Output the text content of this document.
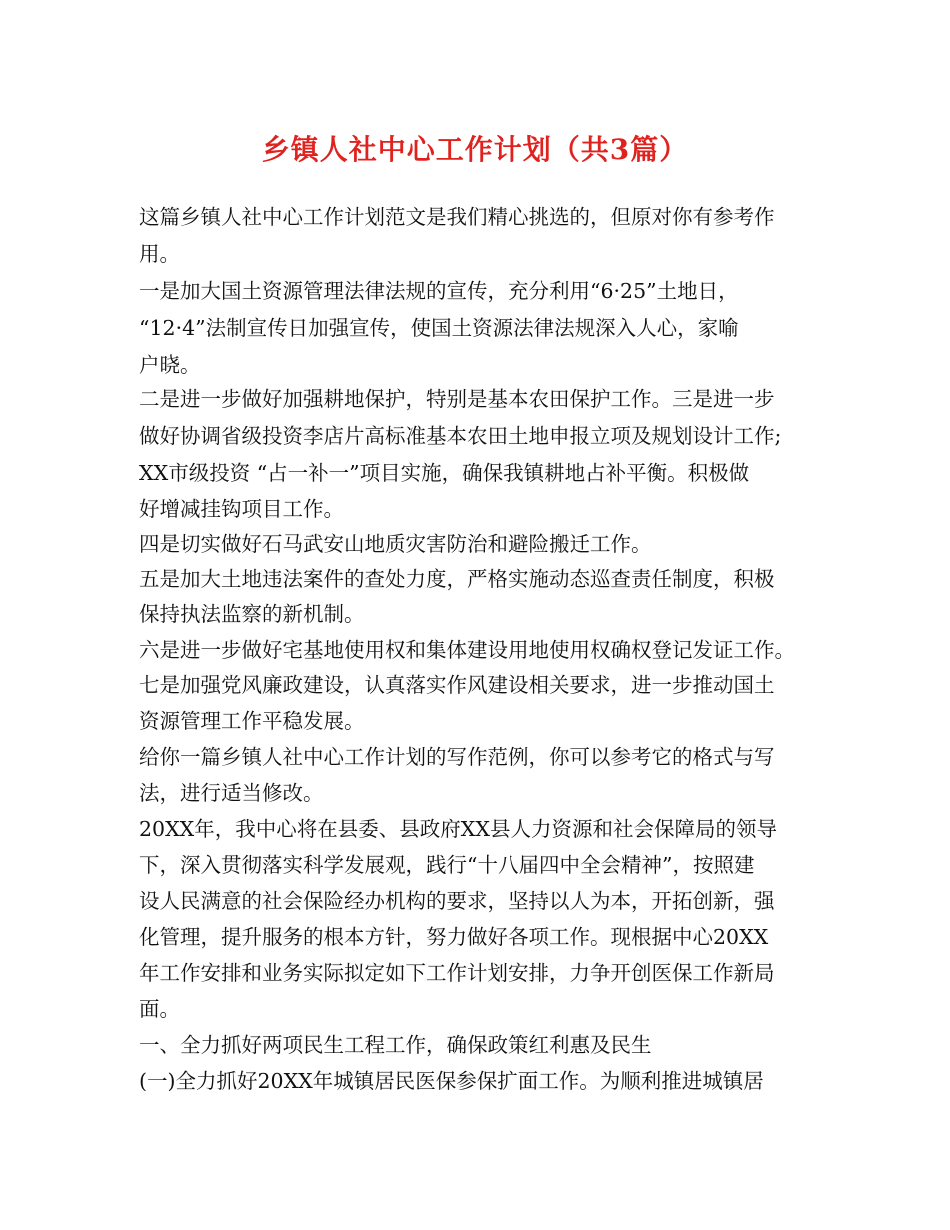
乡镇人社中心工作计划（共3篇）
这篇乡镇人社中心工作计划范文是我们精心挑选的，但原对你有参考作
用。
一是加大国土资源管理法律法规的宣传，充分利用“6·25”土地日，
“12·4”法制宣传日加强宣传，使国土资源法律法规深入人心，家喻
户晓。
二是进一步做好加强耕地保护，特别是基本农田保护工作。三是进一步
做好协调省级投资李店片高标准基本农田土地申报立项及规划设计工作;
XX市级投资 “占一补一”项目实施，确保我镇耕地占补平衡。积极做
好增减挂钩项目工作。
四是切实做好石马武安山地质灾害防治和避险搬迁工作。
五是加大土地违法案件的查处力度，严格实施动态巡查责任制度，积极
保持执法监察的新机制。
六是进一步做好宅基地使用权和集体建设用地使用权确权登记发证工作。
七是加强党风廉政建设，认真落实作风建设相关要求，进一步推动国土
资源管理工作平稳发展。
给你一篇乡镇人社中心工作计划的写作范例，你可以参考它的格式与写
法，进行适当修改。
20XX年，我中心将在县委、县政府XX县人力资源和社会保障局的领导
下，深入贯彻落实科学发展观，践行“十八届四中全会精神”，按照建
设人民满意的社会保险经办机构的要求，坚持以人为本，开拓创新，强
化管理，提升服务的根本方针，努力做好各项工作。现根据中心20XX
年工作安排和业务实际拟定如下工作计划安排，力争开创医保工作新局
面。
一、全力抓好两项民生工程工作，确保政策红利惠及民生
(一)全力抓好20XX年城镇居民医保参保扩面工作。为顺利推进城镇居
